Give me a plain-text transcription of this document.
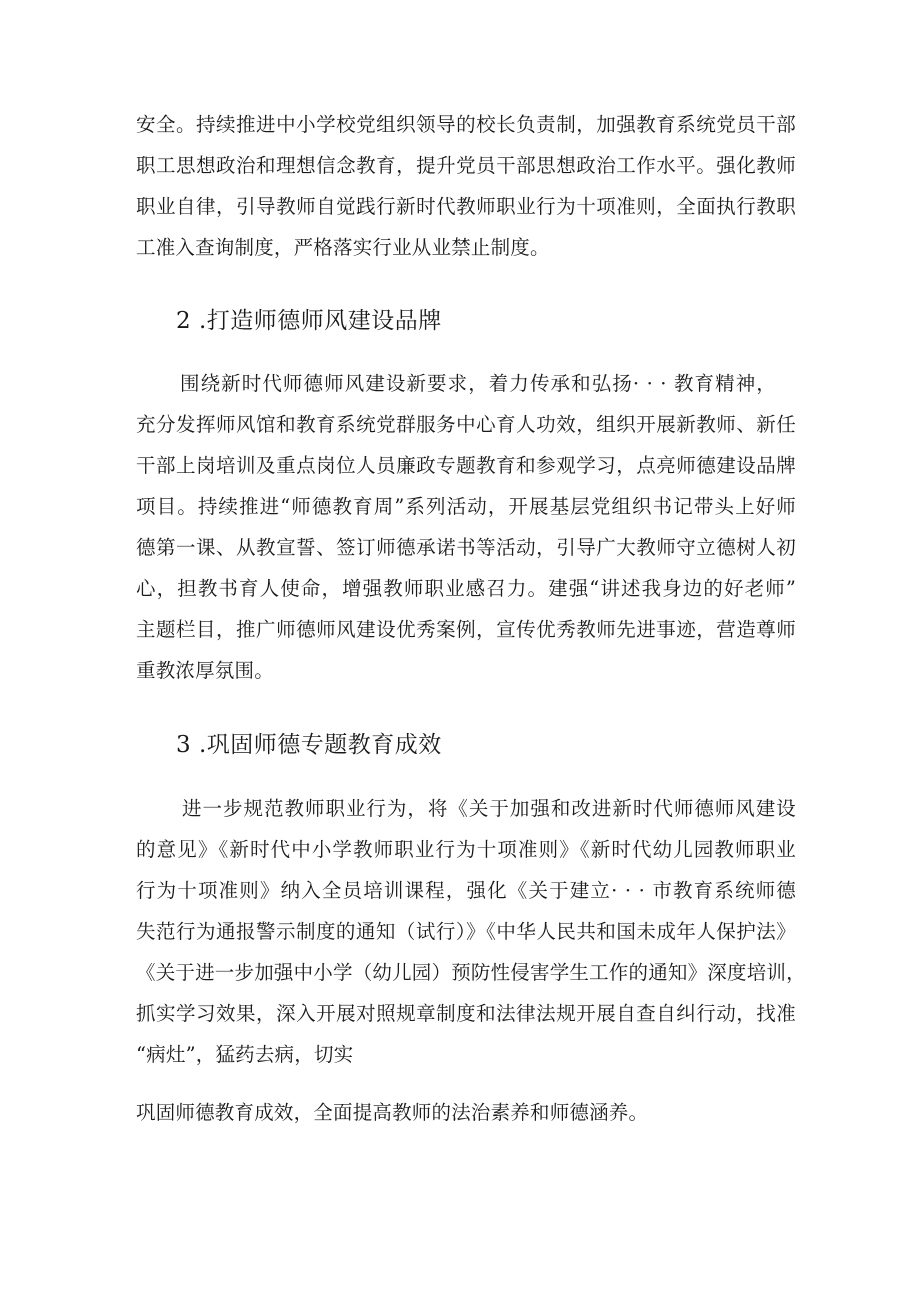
安全。持续推进中小学校党组织领导的校长负责制，加强教育系统党员干部
职工思想政治和理想信念教育，提升党员干部思想政治工作水平。强化教师
职业自律，引导教师自觉践行新时代教师职业行为十项准则，全面执行教职
工准入查询制度，严格落实行业从业禁止制度。
2 .打造师德师风建设品牌
围绕新时代师德师风建设新要求，着力传承和弘扬· · · 教育精神，
充分发挥师风馆和教育系统党群服务中心育人功效，组织开展新教师、新任
干部上岗培训及重点岗位人员廉政专题教育和参观学习，点亮师德建设品牌
项目。持续推进“师德教育周”系列活动，开展基层党组织书记带头上好师
德第一课、从教宣誓、签订师德承诺书等活动，引导广大教师守立德树人初
心，担教书育人使命，增强教师职业感召力。建强“讲述我身边的好老师”
主题栏目，推广师德师风建设优秀案例，宣传优秀教师先进事迹，营造尊师
重教浓厚氛围。
3 .巩固师德专题教育成效
进一步规范教师职业行为，将《关于加强和改进新时代师德师风建设
的意见》《新时代中小学教师职业行为十项准则》《新时代幼儿园教师职业
行为十项准则》纳入全员培训课程，强化《关于建立· · · 市教育系统师德
失范行为通报警示制度的通知（试行）》《中华人民共和国未成年人保护法》
《关于进一步加强中小学（幼儿园）预防性侵害学生工作的通知》深度培训，
抓实学习效果，深入开展对照规章制度和法律法规开展自查自纠行动，找准
“病灶”，猛药去病，切实
巩固师德教育成效，全面提高教师的法治素养和师德涵养。
